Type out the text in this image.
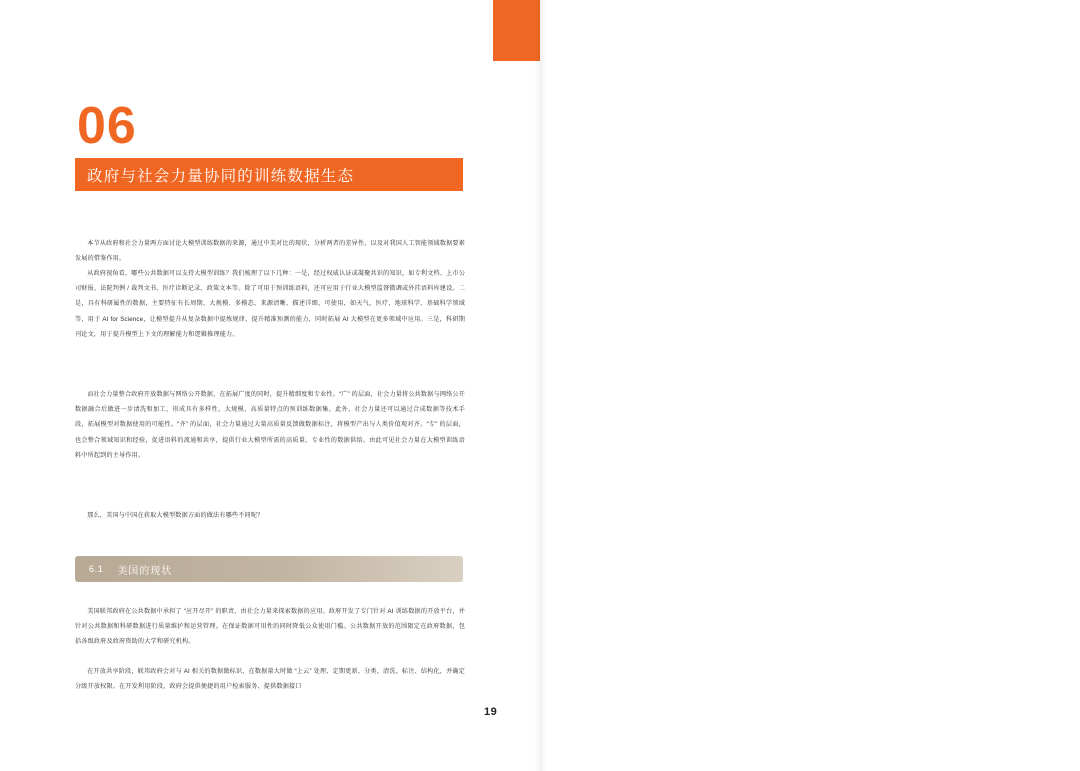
06
政府与社会力量协同的训练数据生态

本节从政府和社会力量两方面讨论大模型训练数据的来源，通过中美对比的现状，分析两者的差异性，以及对我国人工智能领域数据要素发展的借鉴作用。

从政府视角看，哪些公共数据可以支持大模型训练？我们梳理了以下几种：一是，经过权威认证或凝聚共识的知识，如专利文档、上市公司财报、法院判例 / 裁判文书、医疗诊断记录、政策文本等。除了可用于预训练语料，还可应用于行业大模型监督微调或外挂语料库建设。二是，具有科研属性的数据，主要特征有长周期、大规模、多模态、来源清晰、描述详细、可使用，如天气、医疗、地球科学、基础科学领域等，用于 AI for Science，让模型提升从复杂数据中提炼规律、提升精准预测的能力，同时拓展 AI 大模型在更多领域中应用。三是，科研期刊论文，用于提升模型上下文的理解能力和逻辑推理能力。

而社会力量整合政府开放数据与网络公开数据，在拓展广度的同时，提升精细度和专业性。“广” 的层面，社会力量将公共数据与网络公开数据融合后做进一步清洗和加工，形成具有多样性、大规模、高质量特点的预训练数据集。此外，社会力量还可以通过合成数据等技术手段，拓展模型对数据使用的可能性。“齐” 的层面，社会力量通过大量高质量反馈做数据标注，将模型产出与人类价值观对齐。“专” 的层面，也会整合领域知识和经验，促进语料的流通和共享，提供行业大模型所需的高质量、专业性的数据供给。由此可见社会力量在大模型训练语料中所起到的主导作用。

那么，美国与中国在获取大模型数据方面的做法有哪些不同呢？

6.1	美国的现状

美国联邦政府在公共数据中承担了 “应开尽开” 的职责，由社会力量来探索数据的应用。政府开发了专门针对 AI 训练数据的开放平台，并针对公共数据和科研数据进行质量维护和运营管理。在保证数据可用性的同时降低公众使用门槛。公共数据开放的范围限定在政府数据，包括各级政府及政府资助的大学和研究机构。

在开放共享阶段，联邦政府会对与 AI 相关的数据做标识、在数据量大时做 “上云” 处理、定期更新、分类、清洗、标注、结构化，并确定分级开放权限。在开发利用阶段，政府会提供便捷的用户检索服务、提供数据接口

19
